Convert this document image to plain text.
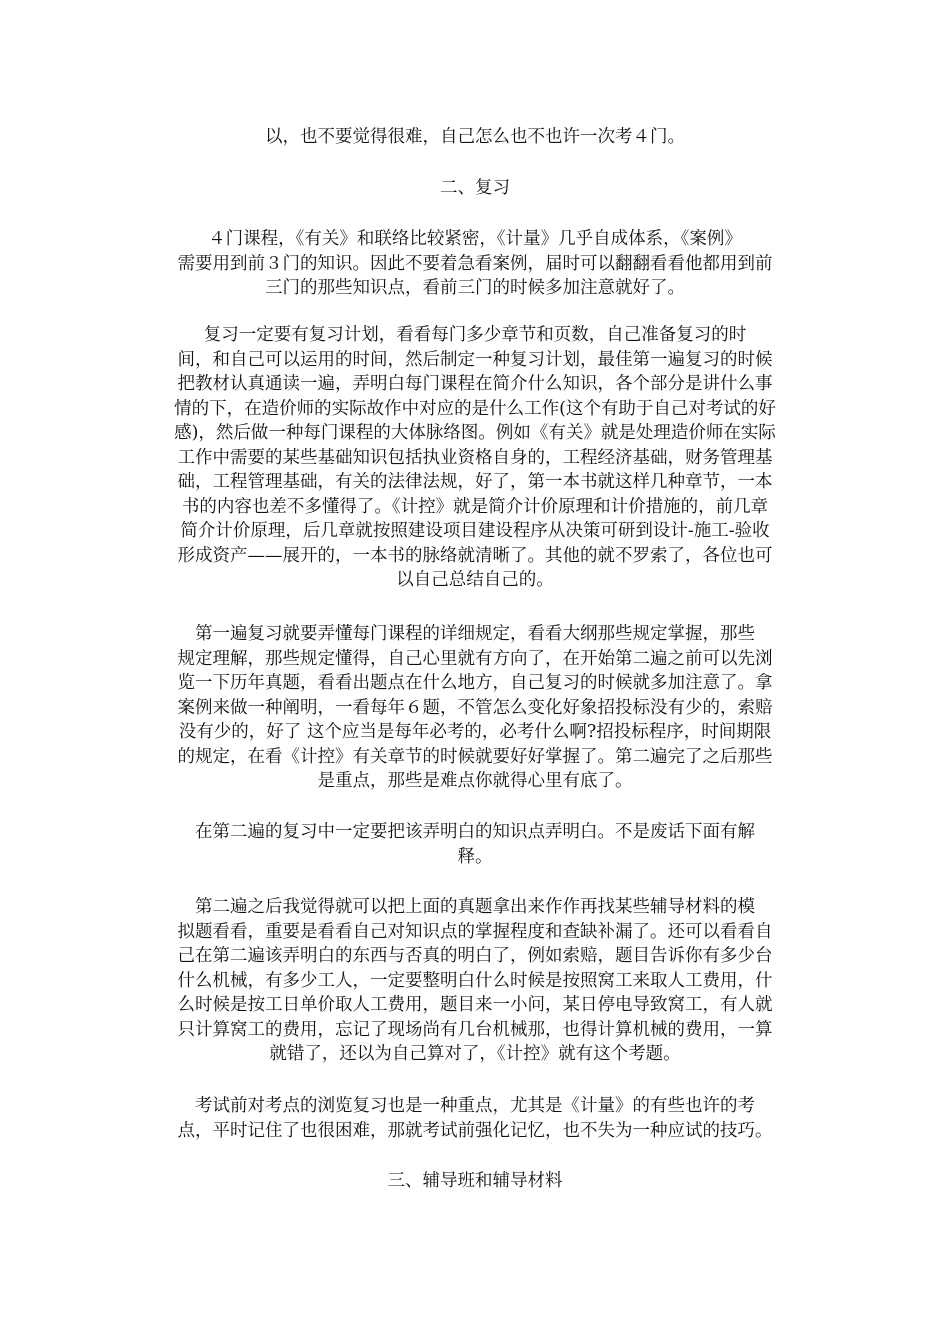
以，也不要觉得很难，自己怎么也不也许一次考４门。

二、复习

４门课程，《有关》和联络比较紧密，《计量》几乎自成体系，《案例》
需要用到前３门的知识。因此不要着急看案例，届时可以翻翻看看他都用到前
三门的那些知识点，看前三门的时候多加注意就好了。

复习一定要有复习计划，看看每门多少章节和页数，自己准备复习的时
间，和自己可以运用的时间，然后制定一种复习计划，最佳第一遍复习的时候
把教材认真通读一遍，弄明白每门课程在简介什么知识，各个部分是讲什么事
情的下，在造价师的实际故作中对应的是什么工作(这个有助于自己对考试的好
感)，然后做一种每门课程的大体脉络图。例如《有关》就是处理造价师在实际
工作中需要的某些基础知识包括执业资格自身的，工程经济基础，财务管理基
础，工程管理基础，有关的法律法规，好了，第一本书就这样几种章节，一本
书的内容也差不多懂得了。《计控》就是简介计价原理和计价措施的，前几章
简介计价原理，后几章就按照建设项目建设程序从决策可研到设计-施工-验收
形成资产——展开的，一本书的脉络就清晰了。其他的就不罗索了，各位也可
以自己总结自己的。

第一遍复习就要弄懂每门课程的详细规定，看看大纲那些规定掌握，那些
规定理解，那些规定懂得，自己心里就有方向了，在开始第二遍之前可以先浏
览一下历年真题，看看出题点在什么地方，自己复习的时候就多加注意了。拿
案例来做一种阐明，一看每年６题，不管怎么变化好象招投标没有少的，索赔
没有少的，好了 这个应当是每年必考的，必考什么啊?招投标程序，时间期限
的规定，在看《计控》有关章节的时候就要好好掌握了。第二遍完了之后那些
是重点，那些是难点你就得心里有底了。

在第二遍的复习中一定要把该弄明白的知识点弄明白。不是废话下面有解
释。

第二遍之后我觉得就可以把上面的真题拿出来作作再找某些辅导材料的模
拟题看看，重要是看看自己对知识点的掌握程度和查缺补漏了。还可以看看自
己在第二遍该弄明白的东西与否真的明白了，例如索赔，题目告诉你有多少台
什么机械，有多少工人，一定要整明白什么时候是按照窝工来取人工费用，什
么时候是按工日单价取人工费用，题目来一小问，某日停电导致窝工，有人就
只计算窝工的费用，忘记了现场尚有几台机械那，也得计算机械的费用，一算
就错了，还以为自己算对了，《计控》就有这个考题。

考试前对考点的浏览复习也是一种重点，尤其是《计量》的有些也许的考
点，平时记住了也很困难，那就考试前强化记忆，也不失为一种应试的技巧。

三、辅导班和辅导材料
